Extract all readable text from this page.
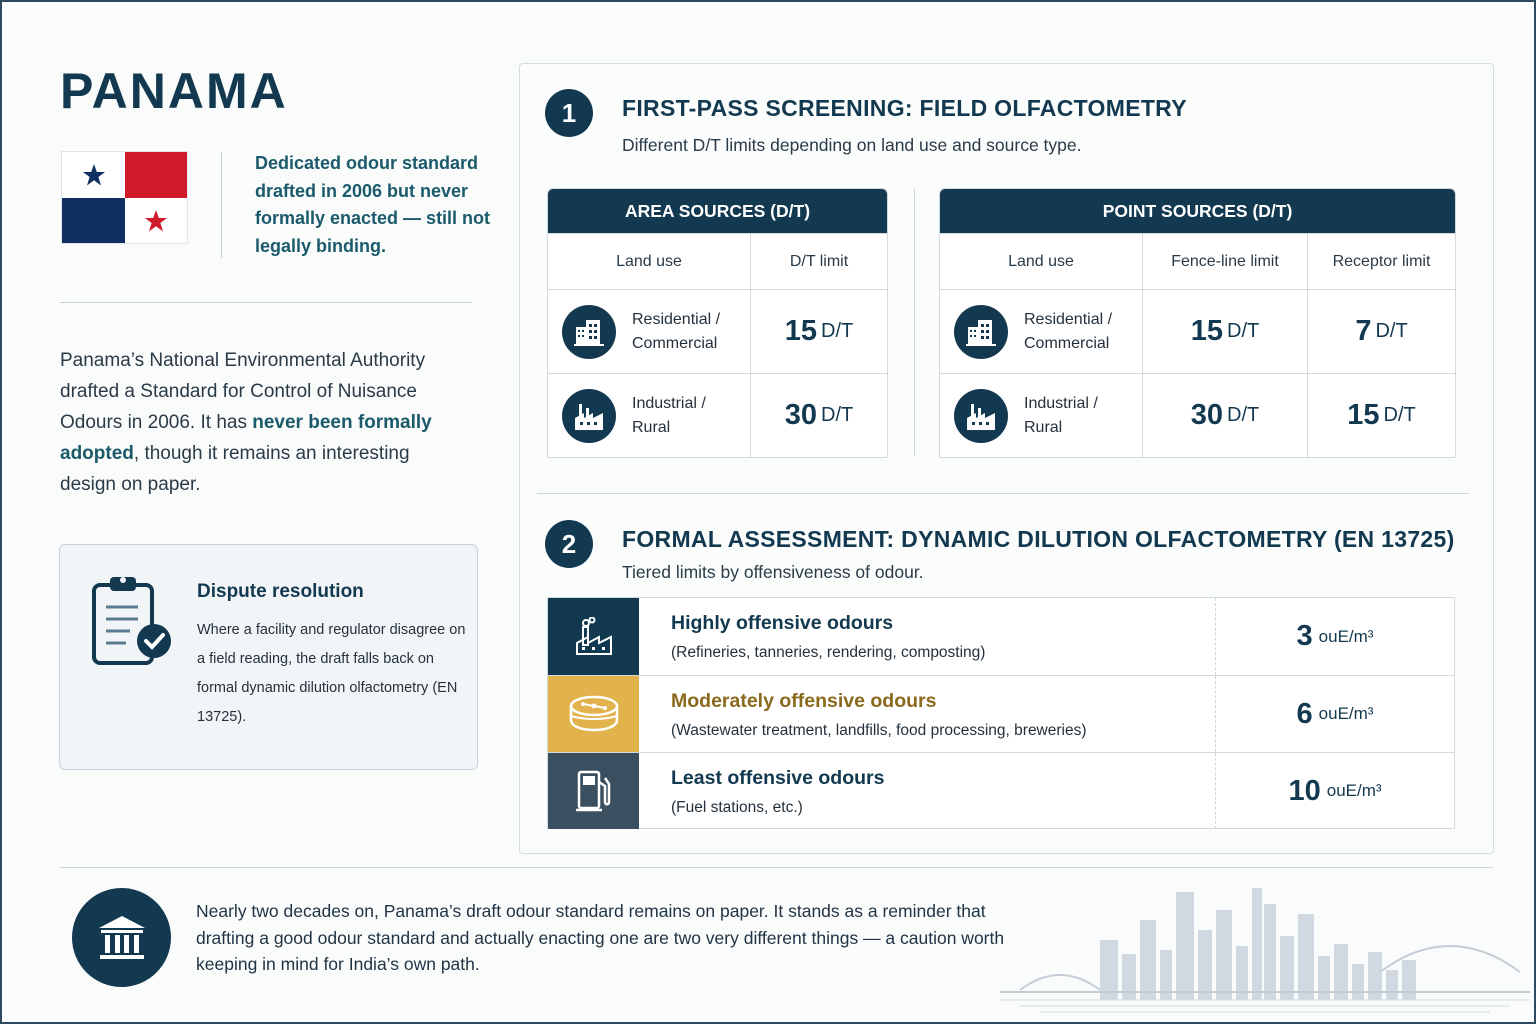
PANAMA

Dedicated odour standard drafted in 2006 but never formally enacted — still not legally binding.

Panama’s National Environmental Authority drafted a Standard for Control of Nuisance Odours in 2006. It has never been formally adopted, though it remains an interesting design on paper.

Dispute resolution

Where a facility and regulator disagree on a field reading, the draft falls back on formal dynamic dilution olfactometry (EN 13725).

1	FIRST-PASS SCREENING: FIELD OLFACTOMETRY

Different D/T limits depending on land use and source type.

AREA SOURCES (D/T)
Land use	D/T limit
Residential /
Commercial	15 D/T
Industrial /
Rural	30 D/T
POINT SOURCES (D/T)
Land use	Fence-line limit	Receptor limit
Residential /
Commercial	15 D/T	7 D/T
Industrial /
Rural	30 D/T	15 D/T
2	FORMAL ASSESSMENT: DYNAMIC DILUTION OLFACTOMETRY (EN 13725)

Tiered limits by offensiveness of odour.

Highly offensive odours
(Refineries, tanneries, rendering, composting)
3 ouE/m³
Moderately offensive odours
(Wastewater treatment, landfills, food processing, breweries)
6 ouE/m³
Least offensive odours
(Fuel stations, etc.)
10 ouE/m³

Nearly two decades on, Panama’s draft odour standard remains on paper. It stands as a reminder that drafting a good odour standard and actually enacting one are two very different things — a caution worth keeping in mind for India’s own path.
